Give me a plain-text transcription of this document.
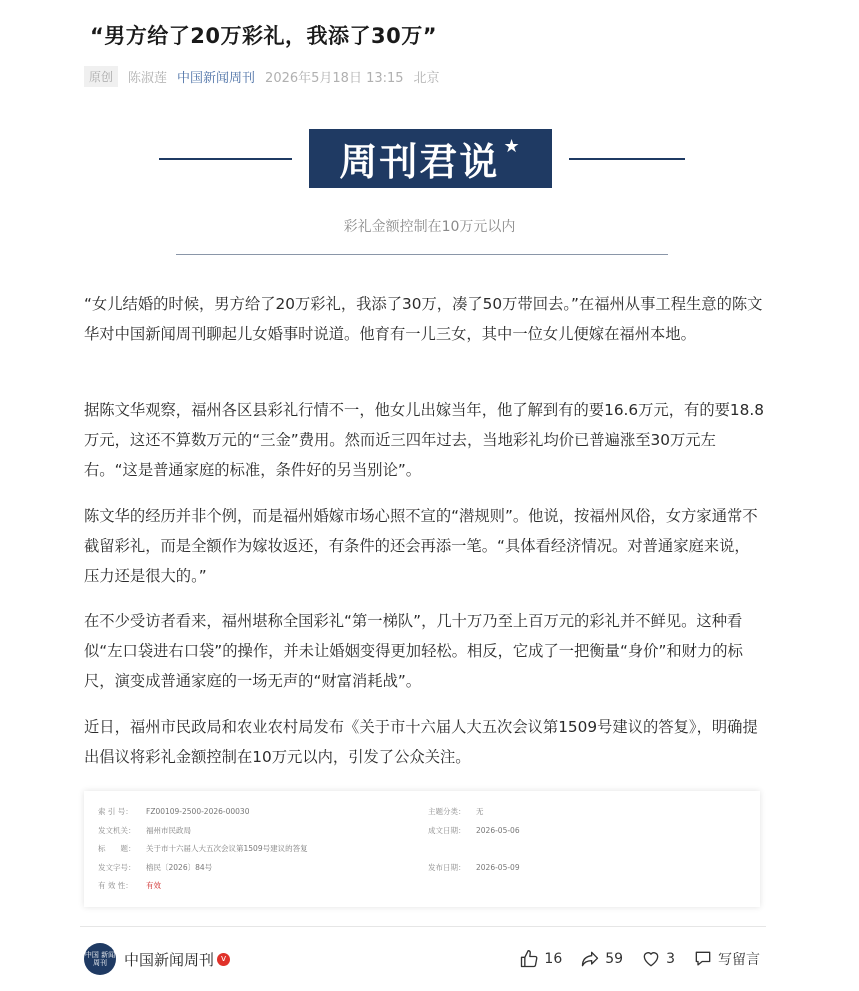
“男方给了20万彩礼，我添了30万”
原创	陈淑莲 中国新闻周刊 2026年5月18日 13:15 北京
周刊君说 ★
彩礼金额控制在10万元以内
“女儿结婚的时候，男方给了20万彩礼，我添了30万，凑了50万带回去。”在福州从事工程生意的陈文华对中国新闻周刊聊起儿女婚事时说道。他育有一儿三女，其中一位女儿便嫁在福州本地。
据陈文华观察，福州各区县彩礼行情不一，他女儿出嫁当年，他了解到有的要16.6万元，有的要18.8万元，这还不算数万元的“三金”费用。然而近三四年过去，当地彩礼均价已普遍涨至30万元左右。“这是普通家庭的标准，条件好的另当别论”。
陈文华的经历并非个例，而是福州婚嫁市场心照不宣的“潜规则”。他说，按福州风俗，女方家通常不截留彩礼，而是全额作为嫁妆返还，有条件的还会再添一笔。“具体看经济情况。对普通家庭来说，压力还是很大的。”
在不少受访者看来，福州堪称全国彩礼“第一梯队”，几十万乃至上百万元的彩礼并不鲜见。这种看似“左口袋进右口袋”的操作，并未让婚姻变得更加轻松。相反，它成了一把衡量“身价”和财力的标尺，演变成普通家庭的一场无声的“财富消耗战”。
近日，福州市民政局和农业农村局发布《关于市十六届人大五次会议第1509号建议的答复》，明确提出倡议将彩礼金额控制在10万元以内，引发了公众关注。
索 引 号： FZ00109-2500-2026-00030	主题分类： 无
发文机关： 福州市民政局	成文日期： 2026-05-06
标　　题： 关于市十六届人大五次会议第1509号建议的答复
发文字号： 榕民〔2026〕84号	发布日期： 2026-05-09
有 效 性： 有效
中国 新闻周刊	中国新闻周刊 v	16	59	3	写留言
